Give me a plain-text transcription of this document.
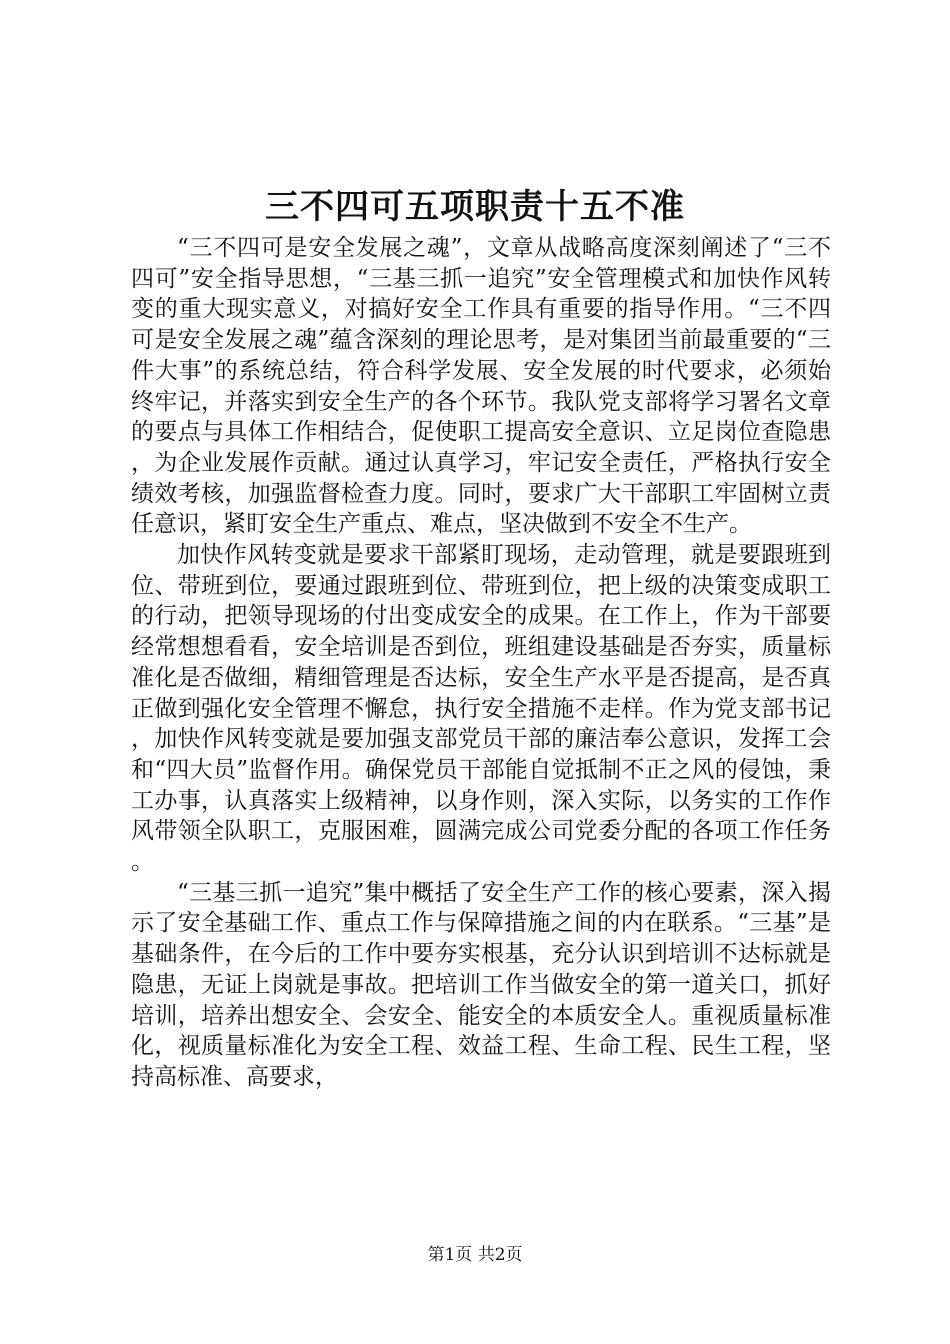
三不四可五项职责十五不准

“三不四可是安全发展之魂”，文章从战略高度深刻阐述了“三不四可”安全指导思想，“三基三抓一追究”安全管理模式和加快作风转变的重大现实意义，对搞好安全工作具有重要的指导作用。“三不四可是安全发展之魂”蕴含深刻的理论思考，是对集团当前最重要的“三件大事”的系统总结，符合科学发展、安全发展的时代要求，必须始终牢记，并落实到安全生产的各个环节。我队党支部将学习署名文章的要点与具体工作相结合，促使职工提高安全意识、立足岗位查隐患，为企业发展作贡献。通过认真学习，牢记安全责任，严格执行安全绩效考核，加强监督检查力度。同时，要求广大干部职工牢固树立责任意识，紧盯安全生产重点、难点，坚决做到不安全不生产。

加快作风转变就是要求干部紧盯现场，走动管理，就是要跟班到位、带班到位，要通过跟班到位、带班到位，把上级的决策变成职工的行动，把领导现场的付出变成安全的成果。在工作上，作为干部要经常想想看看，安全培训是否到位，班组建设基础是否夯实，质量标准化是否做细，精细管理是否达标，安全生产水平是否提高，是否真正做到强化安全管理不懈怠，执行安全措施不走样。作为党支部书记，加快作风转变就是要加强支部党员干部的廉洁奉公意识，发挥工会和“四大员”监督作用。确保党员干部能自觉抵制不正之风的侵蚀，秉工办事，认真落实上级精神，以身作则，深入实际，以务实的工作作风带领全队职工，克服困难，圆满完成公司党委分配的各项工作任务。

“三基三抓一追究”集中概括了安全生产工作的核心要素，深入揭示了安全基础工作、重点工作与保障措施之间的内在联系。“三基”是基础条件，在今后的工作中要夯实根基，充分认识到培训不达标就是隐患，无证上岗就是事故。把培训工作当做安全的第一道关口，抓好培训，培养出想安全、会安全、能安全的本质安全人。重视质量标准化，视质量标准化为安全工程、效益工程、生命工程、民生工程，坚持高标准、高要求，

第1页 共2页
